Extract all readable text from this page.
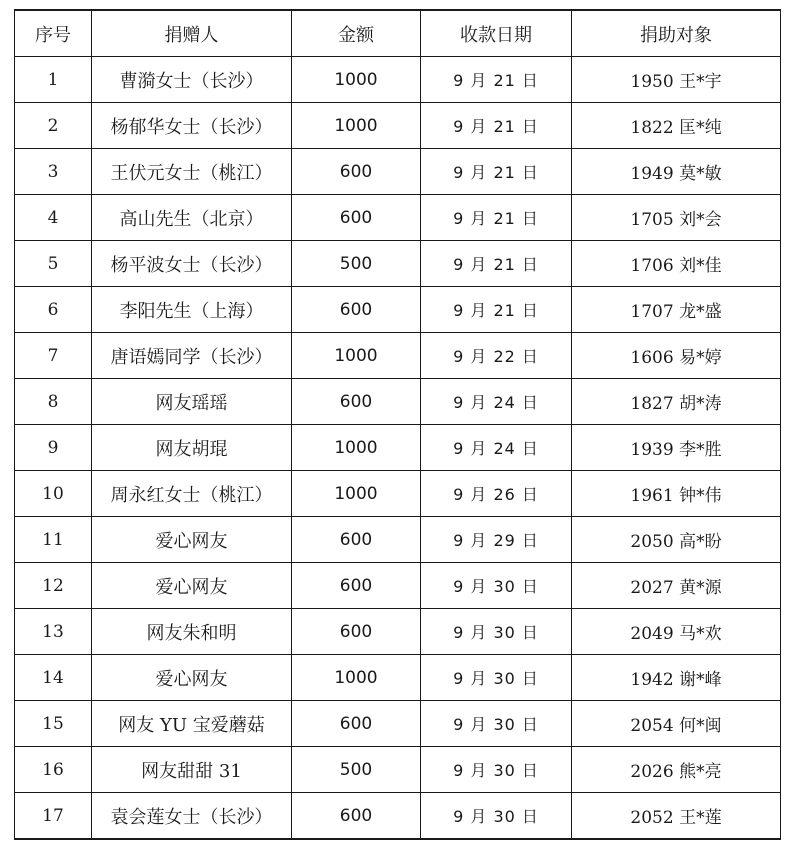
序号	捐赠人	金额	收款日期	捐助对象
1	曹漪女士（长沙）	1000	9 月 21 日	1950 王*宇
2	杨郁华女士（长沙）	1000	9 月 21 日	1822 匡*纯
3	王伏元女士（桃江）	600	9 月 21 日	1949 莫*敏
4	高山先生（北京）	600	9 月 21 日	1705 刘*会
5	杨平波女士（长沙）	500	9 月 21 日	1706 刘*佳
6	李阳先生（上海）	600	9 月 21 日	1707 龙*盛
7	唐语嫣同学（长沙）	1000	9 月 22 日	1606 易*婷
8	网友瑶瑶	600	9 月 24 日	1827 胡*涛
9	网友胡琨	1000	9 月 24 日	1939 李*胜
10	周永红女士（桃江）	1000	9 月 26 日	1961 钟*伟
11	爱心网友	600	9 月 29 日	2050 高*盼
12	爱心网友	600	9 月 30 日	2027 黄*源
13	网友朱和明	600	9 月 30 日	2049 马*欢
14	爱心网友	1000	9 月 30 日	1942 谢*峰
15	网友 YU 宝爱蘑菇	600	9 月 30 日	2054 何*闽
16	网友甜甜 31	500	9 月 30 日	2026 熊*亮
17	袁会莲女士（长沙）	600	9 月 30 日	2052 王*莲
